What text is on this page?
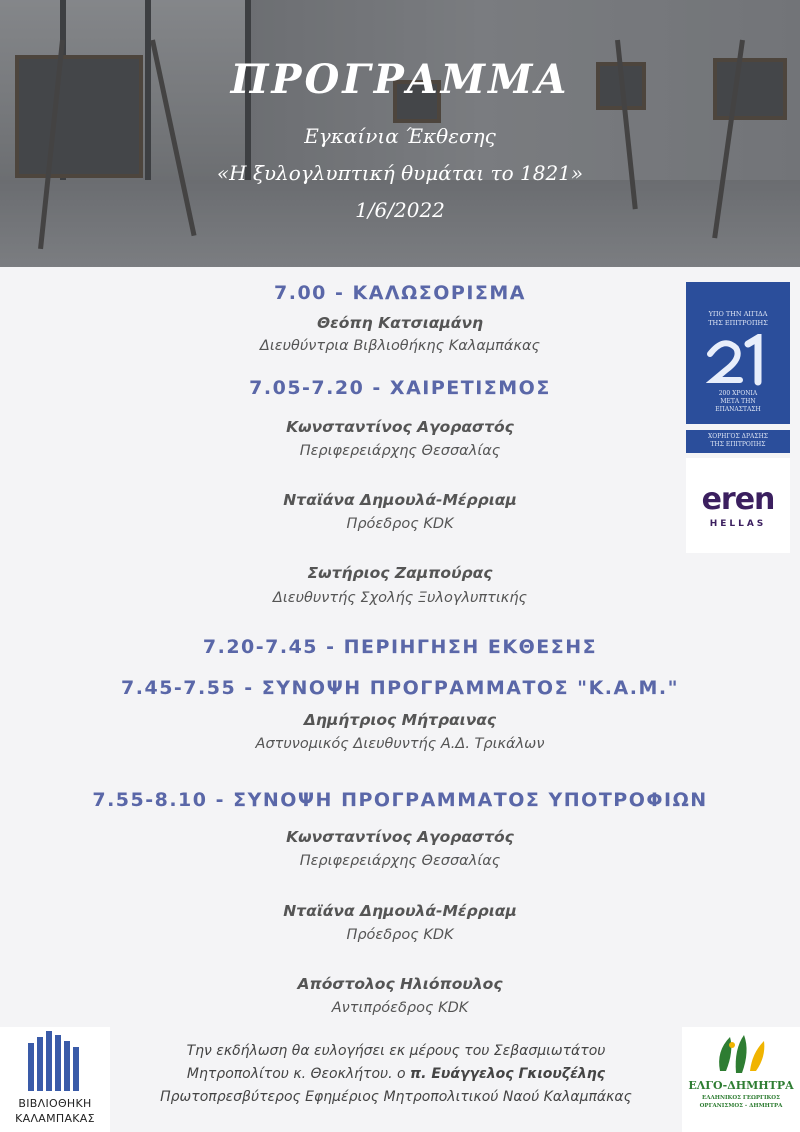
ΠΡΟΓΡΑΜΜΑ
Εγκαίνια Έκθεσης
«Η ξυλογλυπτική θυμάται το 1821»
1/6/2022
7.00 - ΚΑΛΩΣΟΡΙΣΜΑ
Θεόπη Κατσιαμάνη
Διευθύντρια Βιβλιοθήκης Καλαμπάκας
7.05-7.20 - ΧΑΙΡΕΤΙΣΜΟΣ
Κωνσταντίνος Αγοραστός
Περιφερειάρχης Θεσσαλίας
Νταϊάνα Δημουλά-Μέρριαμ
Πρόεδρος ΚDK
Σωτήριος Ζαμπούρας
Διευθυντής Σχολής Ξυλογλυπτικής
7.20-7.45 - ΠΕΡΙΗΓΗΣΗ ΕΚΘΕΣΗΣ
7.45-7.55 - ΣΥΝΟΨΗ ΠΡΟΓΡΑΜΜΑΤΟΣ "Κ.Α.Μ."
Δημήτριος Μήτραινας
Αστυνομικός Διευθυντής Α.Δ. Τρικάλων
7.55-8.10 - ΣΥΝΟΨΗ ΠΡΟΓΡΑΜΜΑΤΟΣ ΥΠΟΤΡΟΦΙΩΝ
Κωνσταντίνος Αγοραστός
Περιφερειάρχης Θεσσαλίας
Νταϊάνα Δημουλά-Μέρριαμ
Πρόεδρος ΚDK
Απόστολος Ηλιόπουλος
Αντιπρόεδρος ΚDK
ΥΠΟ ΤΗΝ ΑΙΓΙΔΑ
ΤΗΣ ΕΠΙΤΡΟΠΗΣ
21
200 ΧΡΟΝΙΑ
ΜΕΤΑ ΤΗΝ
ΕΠΑΝΑΣΤΑΣΗ
ΧΟΡΗΓΟΣ ΔΡΑΣΗΣ
ΤΗΣ ΕΠΙΤΡΟΠΗΣ
eren
HELLAS
ΒΙΒΛΙΟΘΗΚΗ
ΚΑΛΑΜΠΑΚΑΣ
Την εκδήλωση θα ευλογήσει εκ μέρους του Σεβασμιωτάτου
Μητροπολίτου κ. Θεοκλήτου. ο π. Ευάγγελος Γκιουζέλης
Πρωτοπρεσβύτερος Εφημέριος Μητροπολιτικού Ναού Καλαμπάκας
ΕΛΓΟ-ΔΗΜΗΤΡΑ
ΕΛΛΗΝΙΚΟΣ ΓΕΩΡΓΙΚΟΣ
ΟΡΓΑΝΙΣΜΟΣ - ΔΗΜΗΤΡΑ
